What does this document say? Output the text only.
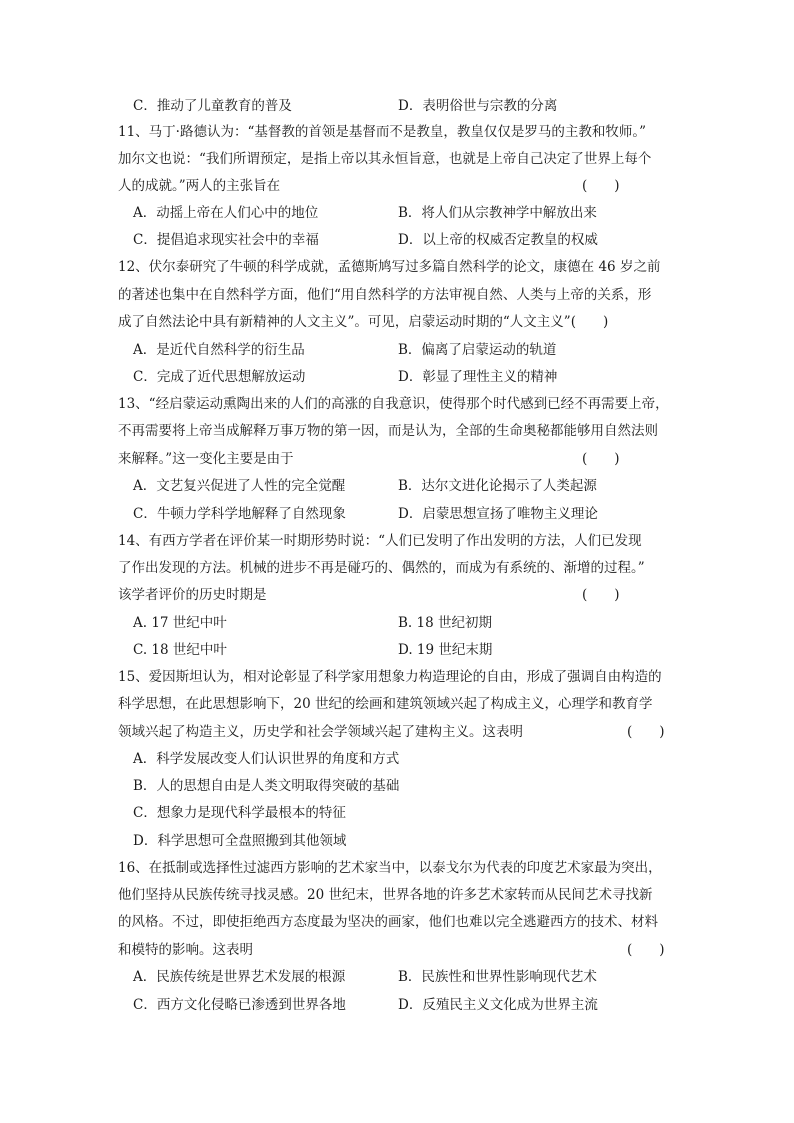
C．推动了儿童教育的普及	D．表明俗世与宗教的分离
11、马丁·路德认为：“基督教的首领是基督而不是教皇，教皇仅仅是罗马的主教和牧师。”
加尔文也说：“我们所谓预定，是指上帝以其永恒旨意，也就是上帝自己决定了世界上每个
人的成就。”两人的主张旨在	(　　)
A．动摇上帝在人们心中的地位	B．将人们从宗教神学中解放出来
C．提倡追求现实社会中的幸福	D．以上帝的权威否定教皇的权威
12、伏尔泰研究了牛顿的科学成就，孟德斯鸠写过多篇自然科学的论文，康德在 46 岁之前
的著述也集中在自然科学方面，他们“用自然科学的方法审视自然、人类与上帝的关系，形
成了自然法论中具有新精神的人文主义”。可见，启蒙运动时期的“人文主义”(　　)
A．是近代自然科学的衍生品	B．偏离了启蒙运动的轨道
C．完成了近代思想解放运动	D．彰显了理性主义的精神
13、“经启蒙运动熏陶出来的人们的高涨的自我意识，使得那个时代感到已经不再需要上帝，
不再需要将上帝当成解释万事万物的第一因，而是认为，全部的生命奥秘都能够用自然法则
来解释。”这一变化主要是由于	(　　)
A．文艺复兴促进了人性的完全觉醒	B．达尔文进化论揭示了人类起源
C．牛顿力学科学地解释了自然现象	D．启蒙思想宣扬了唯物主义理论
14、有西方学者在评价某一时期形势时说：“人们已发明了作出发明的方法，人们已发现
了作出发现的方法。机械的进步不再是碰巧的、偶然的，而成为有系统的、渐增的过程。”
该学者评价的历史时期是	(　　)
A. 17 世纪中叶	B. 18 世纪初期
C. 18 世纪中叶	D. 19 世纪末期
15、爱因斯坦认为，相对论彰显了科学家用想象力构造理论的自由，形成了强调自由构造的
科学思想，在此思想影响下，20 世纪的绘画和建筑领域兴起了构成主义，心理学和教育学
领域兴起了构造主义，历史学和社会学领域兴起了建构主义。这表明	(　　)
A．科学发展改变人们认识世界的角度和方式
B．人的思想自由是人类文明取得突破的基础
C．想象力是现代科学最根本的特征
D．科学思想可全盘照搬到其他领域
16、在抵制或选择性过滤西方影响的艺术家当中，以泰戈尔为代表的印度艺术家最为突出，
他们坚持从民族传统寻找灵感。20 世纪末，世界各地的许多艺术家转而从民间艺术寻找新
的风格。不过，即使拒绝西方态度最为坚决的画家，他们也难以完全逃避西方的技术、材料
和模特的影响。这表明	(　　)
A．民族传统是世界艺术发展的根源	B．民族性和世界性影响现代艺术
C．西方文化侵略已渗透到世界各地	D．反殖民主义文化成为世界主流
